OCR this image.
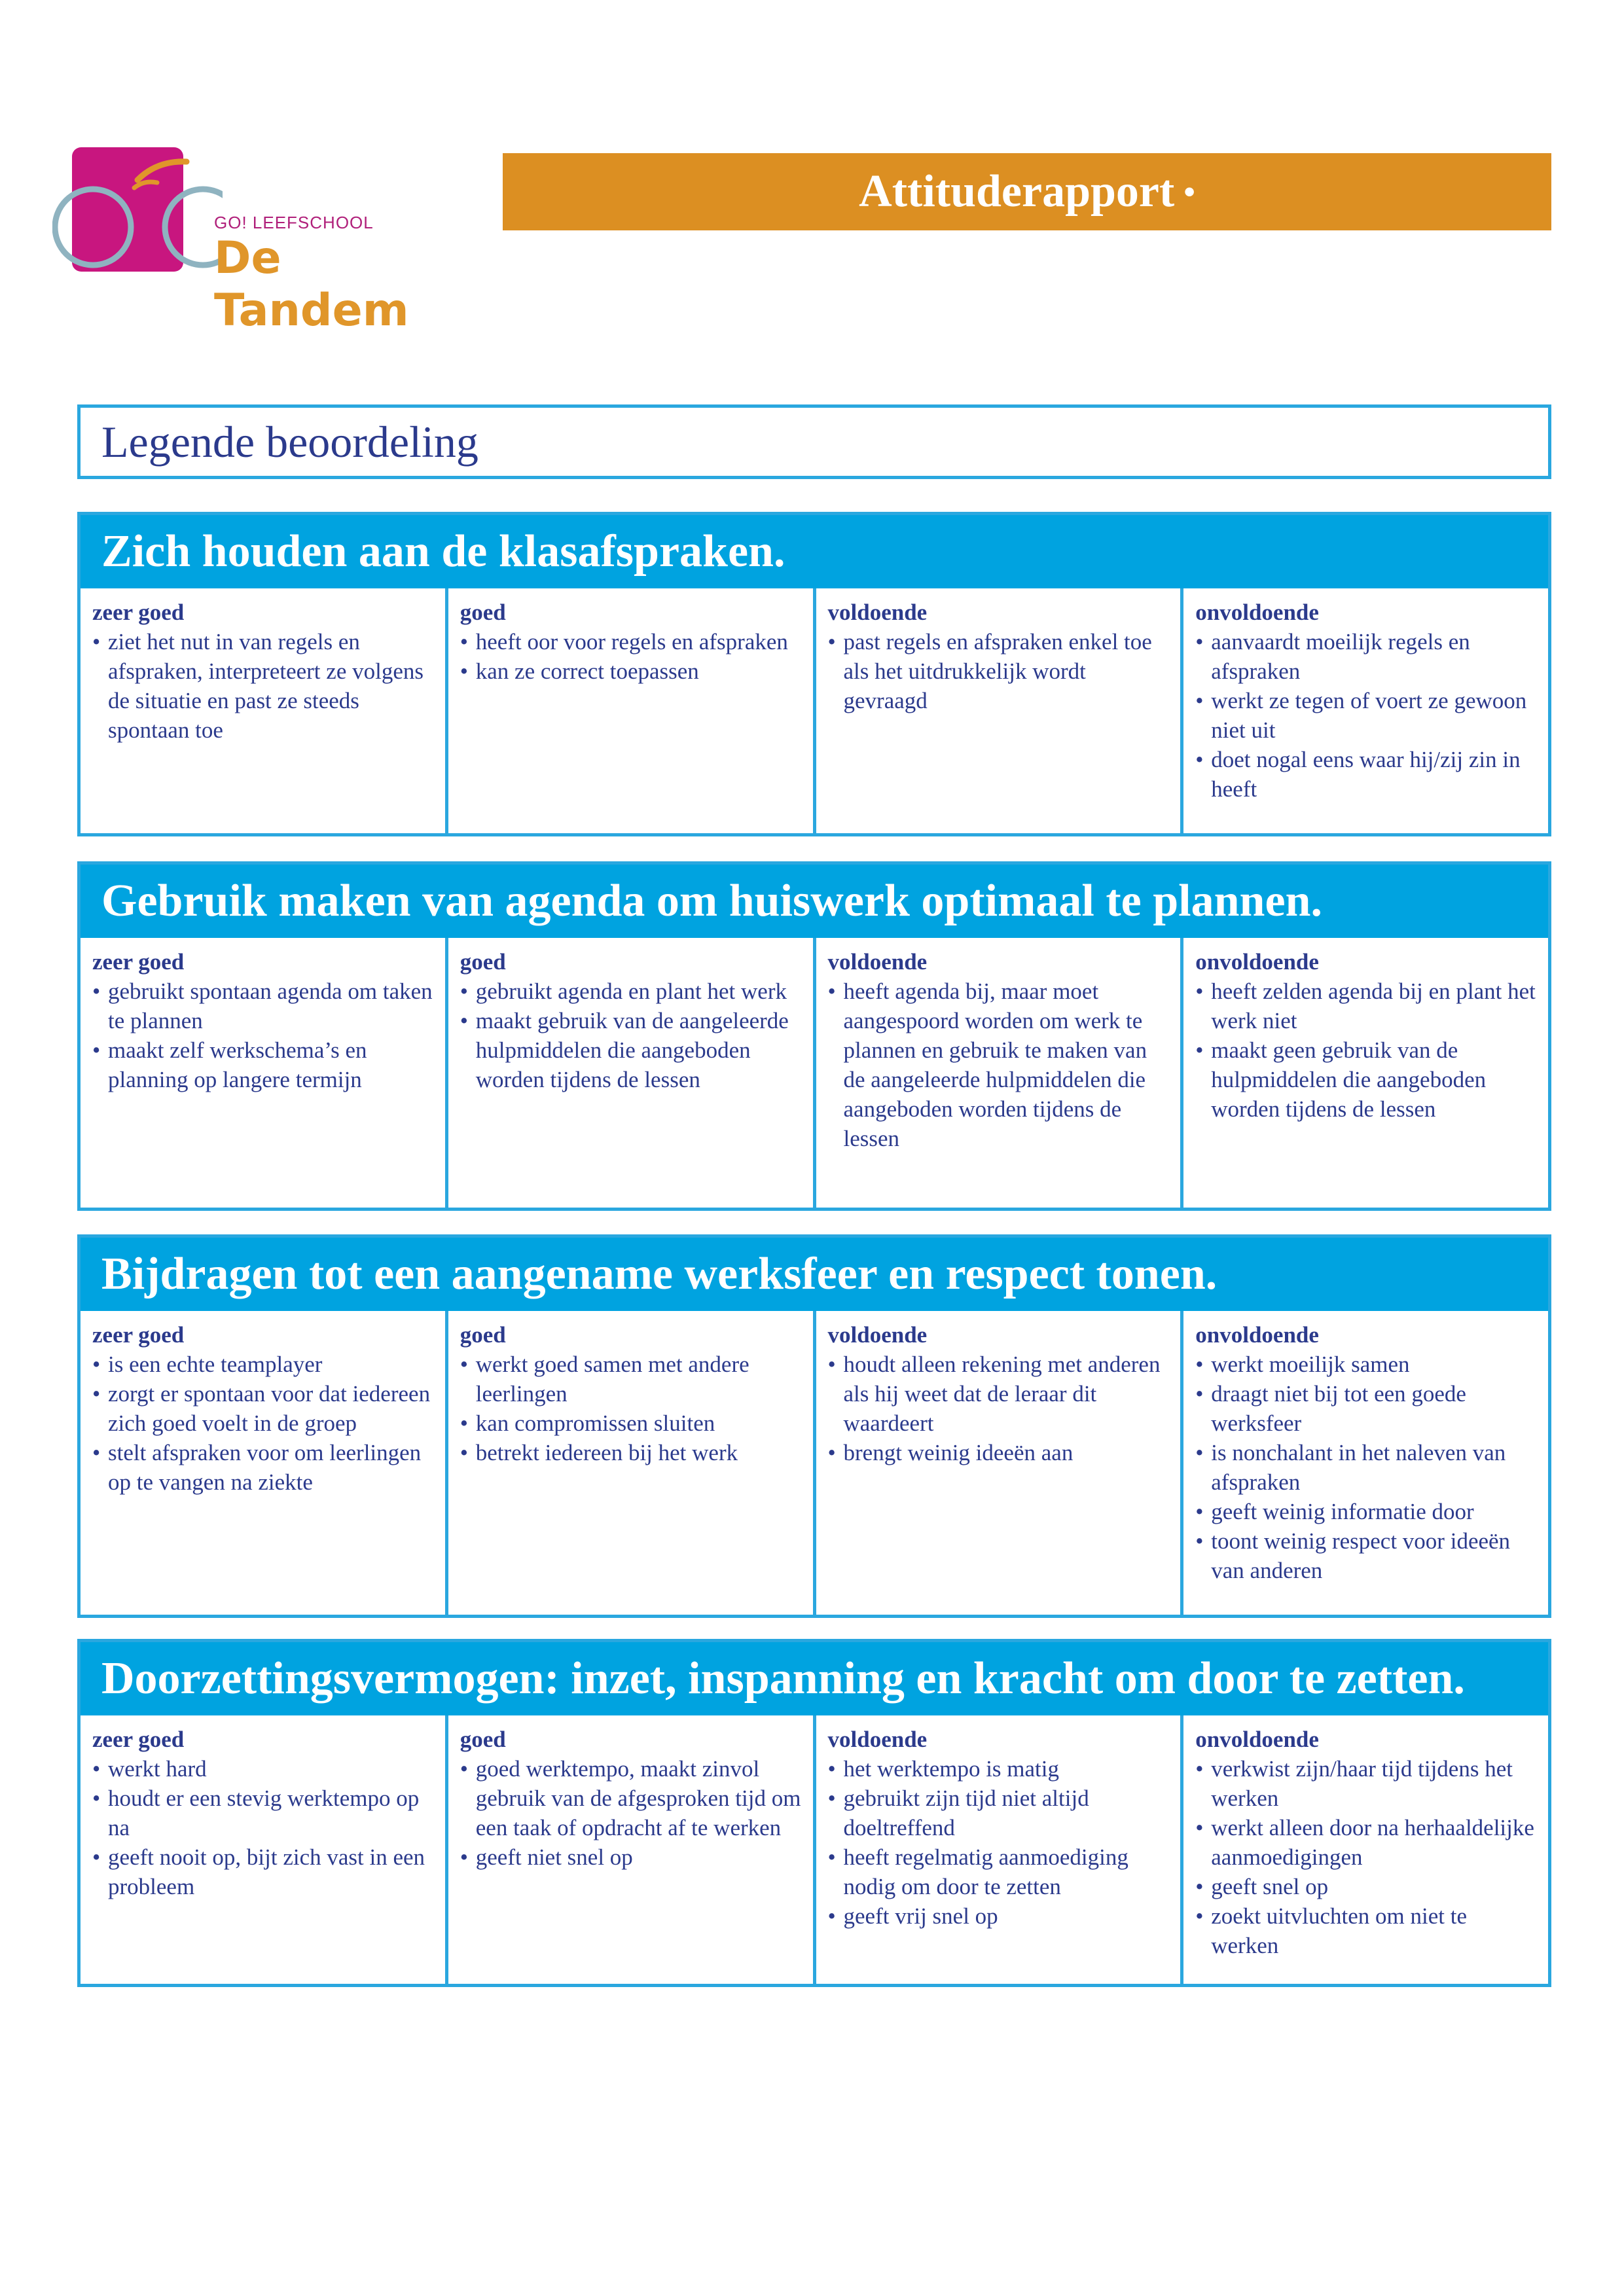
GO! LEEFSCHOOL
De Tandem
Attituderapport •
Legende beoordeling
Zich houden aan de klasafspraken.
zeer goed
• ziet het nut in van regels en afspraken, interpreteert ze volgens de situatie en past ze steeds spontaan toe
goed
• heeft oor voor regels en afspraken
• kan ze correct toepassen
voldoende
• past regels en afspraken enkel toe als het uitdrukkelijk wordt gevraagd
onvoldoende
• aanvaardt moeilijk regels en afspraken
• werkt ze tegen of voert ze gewoon niet uit
• doet nogal eens waar hij/zij zin in heeft
Gebruik maken van agenda om huiswerk optimaal te plannen.
zeer goed
• gebruikt spontaan agenda om taken te plannen
• maakt zelf werkschema’s en planning op langere termijn
goed
• gebruikt agenda en plant het werk
• maakt gebruik van de aangeleerde hulpmiddelen die aangeboden worden tijdens de lessen
voldoende
• heeft agenda bij, maar moet aangespoord worden om werk te plannen en gebruik te maken van de aangeleerde hulpmiddelen die aangeboden worden tijdens de lessen
onvoldoende
• heeft zelden agenda bij en plant het werk niet
• maakt geen gebruik van de hulpmiddelen die aangeboden worden tijdens de lessen
Bijdragen tot een aangename werksfeer en respect tonen.
zeer goed
• is een echte teamplayer
• zorgt er spontaan voor dat iedereen zich goed voelt in de groep
• stelt afspraken voor om leerlingen op te vangen na ziekte
goed
• werkt goed samen met andere leerlingen
• kan compromissen sluiten
• betrekt iedereen bij het werk
voldoende
• houdt alleen rekening met anderen als hij weet dat de leraar dit waardeert
• brengt weinig ideeën aan
onvoldoende
• werkt moeilijk samen
• draagt niet bij tot een goede werksfeer
• is nonchalant in het naleven van afspraken
• geeft weinig informatie door
• toont weinig respect voor ideeën van anderen
Doorzettingsvermogen: inzet, inspanning en kracht om door te zetten.
zeer goed
• werkt hard
• houdt er een stevig werktempo op na
• geeft nooit op, bijt zich vast in een probleem
goed
• goed werktempo, maakt zinvol gebruik van de afgesproken tijd om een taak of opdracht af te werken
• geeft niet snel op
voldoende
• het werktempo is matig
• gebruikt zijn tijd niet altijd doeltreffend
• heeft regelmatig aanmoediging nodig om door te zetten
• geeft vrij snel op
onvoldoende
• verkwist zijn/haar tijd tijdens het werken
• werkt alleen door na herhaaldelijke aanmoedigingen
• geeft snel op
• zoekt uitvluchten om niet te werken
